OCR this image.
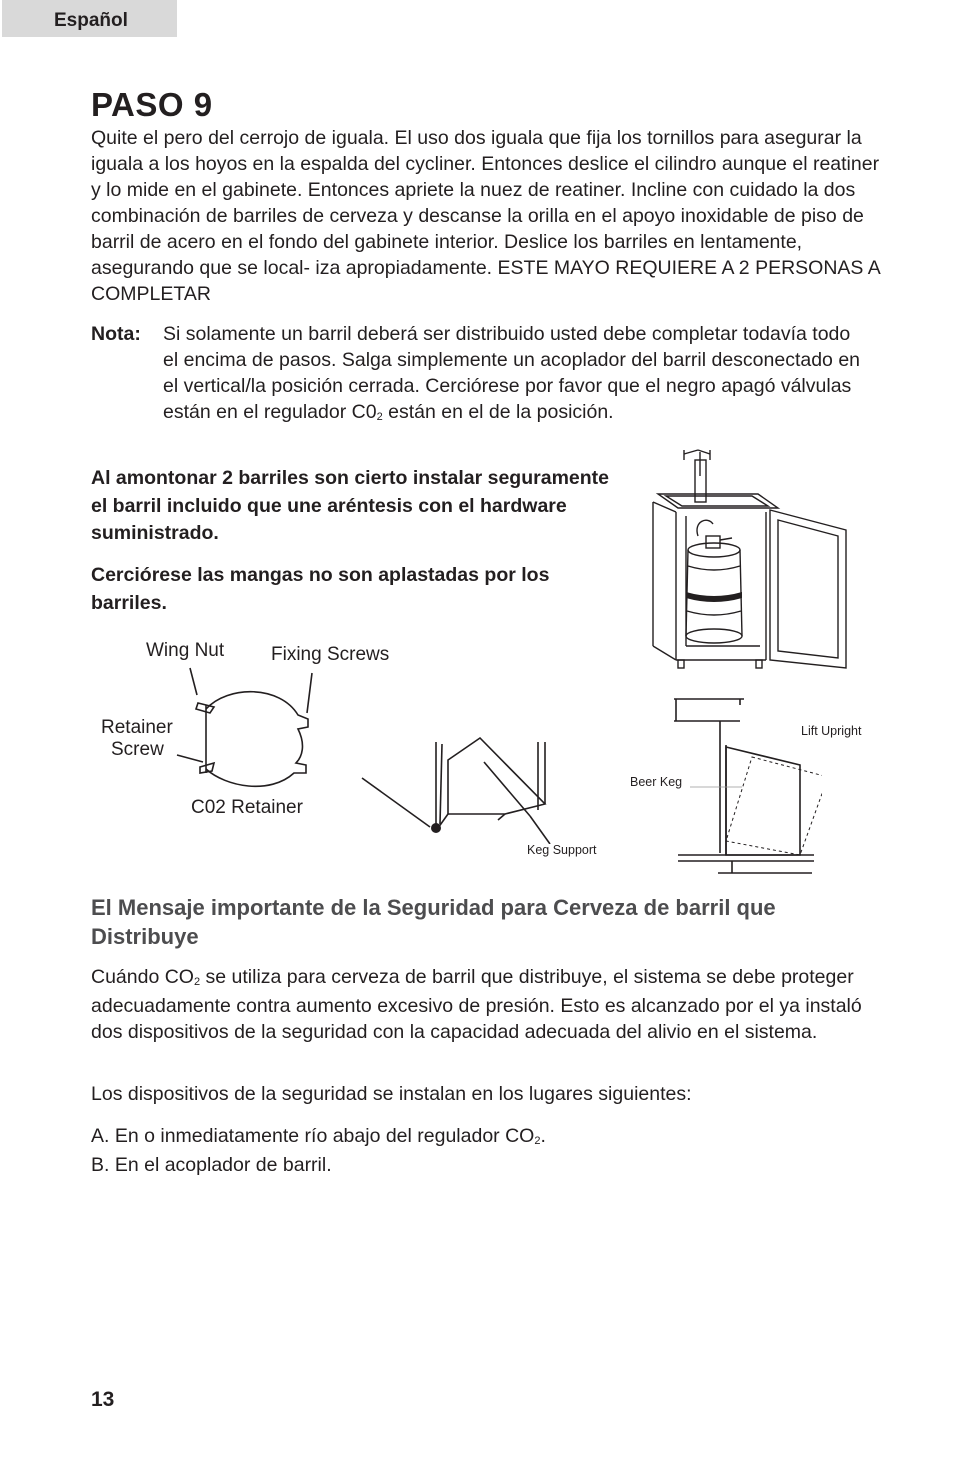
Español
PASO 9

Quite el pero del cerrojo de iguala. El uso dos iguala que fija los tornillos para asegurar la iguala a los hoyos en la espalda del cycliner. Entonces deslice el cilindro aunque el reatiner y lo mide en el gabinete. Entonces apriete la nuez de reatiner. Incline con cuidado la dos combinación de barriles de cerveza y descanse la orilla en el apoyo inoxidable de piso de barril de acero en el fondo del gabinete interior. Deslice los barriles en lentamente, asegurando que se local- iza apropiadamente. ESTE MAYO REQUIERE A 2 PERSONAS A COMPLETAR

Nota: Si solamente un barril deberá ser distribuido usted debe completar todavía todo el encima de pasos. Salga simplemente un acoplador del barril desconectado en el vertical/la posición cerrada. Cerciórese por favor que el negro apagó válvulas están en el regulador $C0_2$ están en el de la posición.

Al amontonar 2 barriles son cierto instalar seguramente el barril incluido que une aréntesis con el hardware suministrado.

Cerciórese las mangas no son aplastadas por los barriles.

Wing Nut Fixing Screws
Retainer
Screw
C02 Retainer
Keg Support
Beer Keg
Lift Upright
El Mensaje importante de la Seguridad para Cerveza de barril que Distribuye

Cuándo $CO_2$ se utiliza para cerveza de barril que distribuye, el sistema se debe proteger adecuadamente contra aumento excesivo de presión. Esto es alcanzado por el ya instaló dos dispositivos de la seguridad con la capacidad adecuada del alivio en el sistema.

Los dispositivos de la seguridad se instalan en los lugares siguientes:

A. En o inmediatamente río abajo del regulador $CO_2$.
B. En el acoplador de barril.
13
